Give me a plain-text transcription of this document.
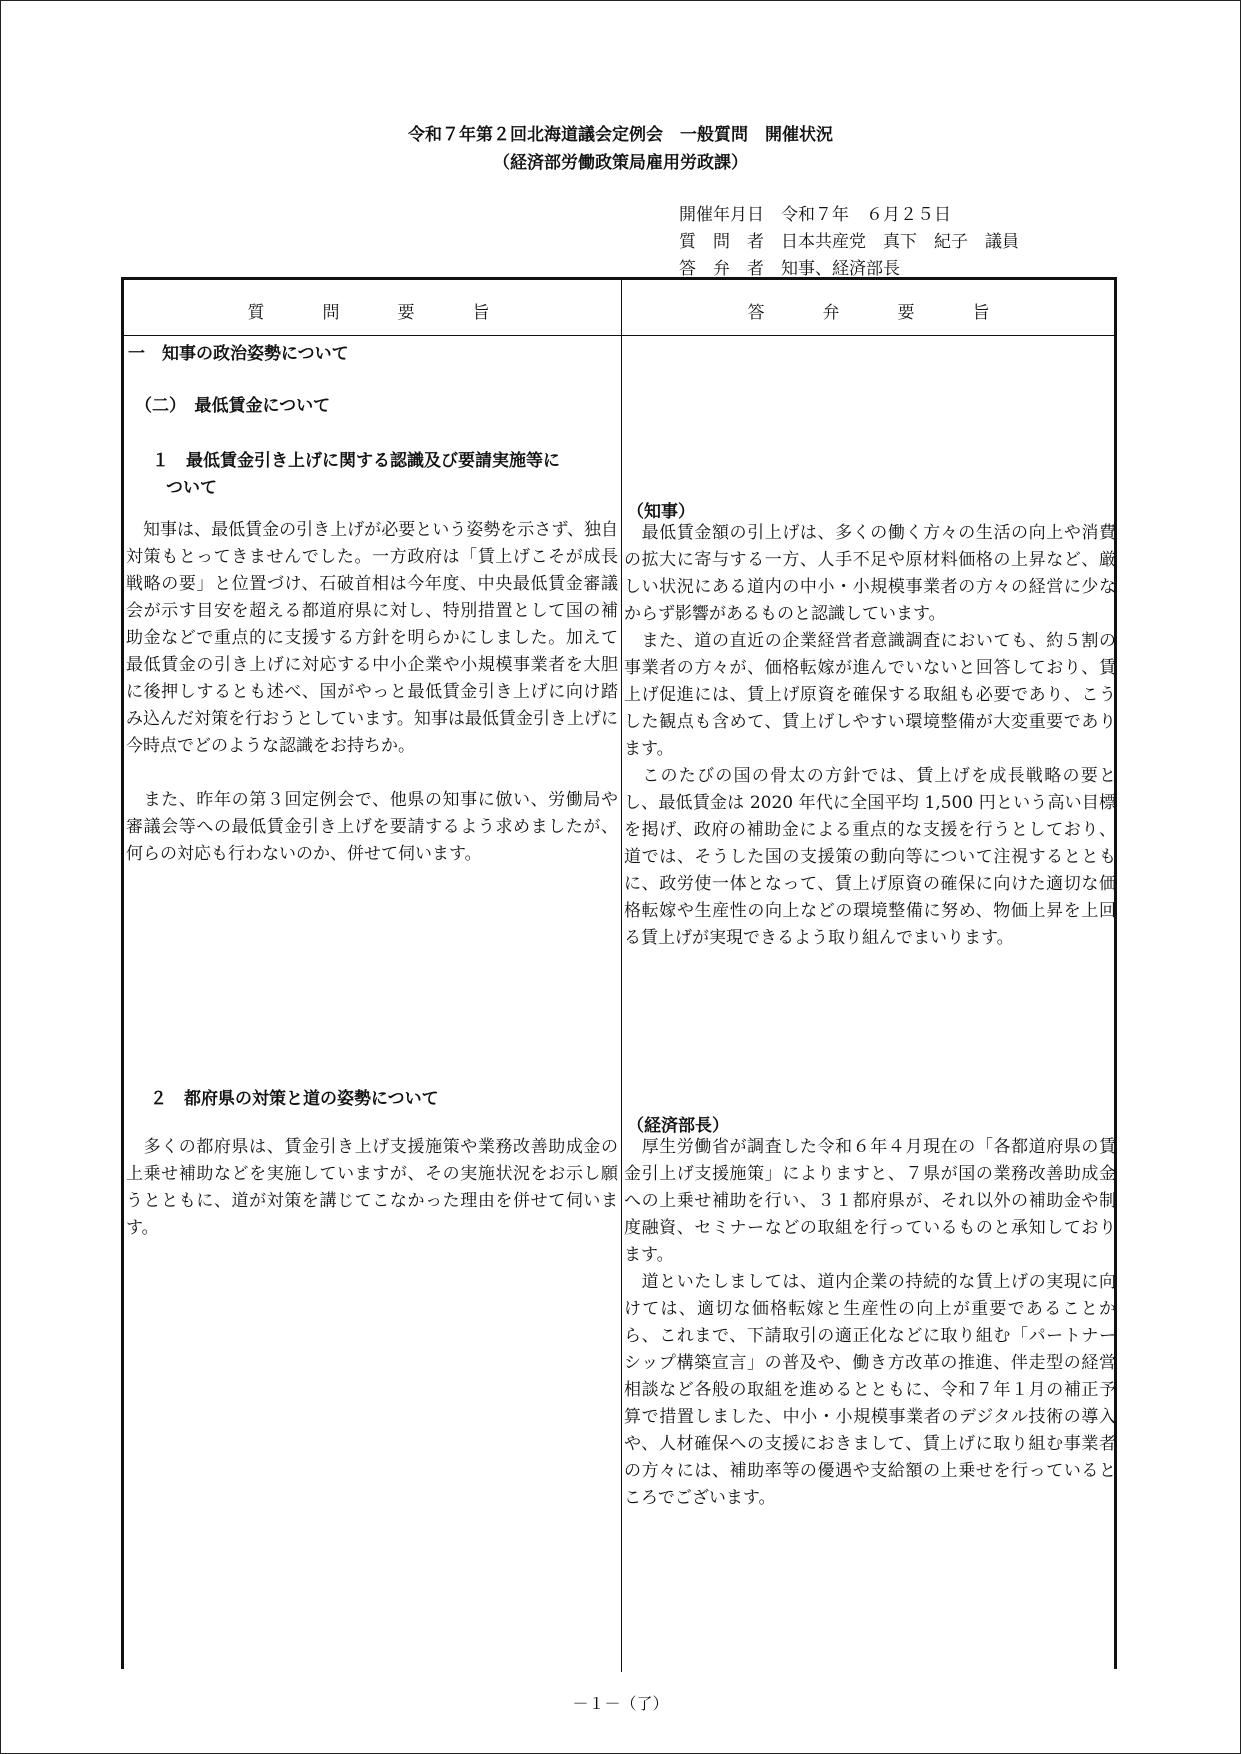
令和７年第２回北海道議会定例会　一般質問　開催状況
（経済部労働政策局雇用労政課）
開催年月日　令和７年　６月２５日
質　問　者　日本共産党　真下　紀子　議員
答　弁　者　知事、経済部長
質問要旨	答弁要旨
一　知事の政治姿勢について
（二）　最低賃金について
１　最低賃金引き上げに関する認識及び要請実施等に
ついて
　知事は、最低賃金の引き上げが必要という姿勢を示さず、独自対策もとってきませんでした。一方政府は「賃上げこそが成長戦略の要」と位置づけ、石破首相は今年度、中央最低賃金審議会が示す目安を超える都道府県に対し、特別措置として国の補助金などで重点的に支援する方針を明らかにしました。加えて最低賃金の引き上げに対応する中小企業や小規模事業者を大胆に後押しするとも述べ、国がやっと最低賃金引き上げに向け踏み込んだ対策を行おうとしています。知事は最低賃金引き上げに今時点でどのような認識をお持ちか。
　また、昨年の第３回定例会で、他県の知事に倣い、労働局や審議会等への最低賃金引き上げを要請するよう求めましたが、何らの対応も行わないのか、併せて伺います。
２　都府県の対策と道の姿勢について
　多くの都府県は、賃金引き上げ支援施策や業務改善助成金の上乗せ補助などを実施していますが、その実施状況をお示し願うとともに、道が対策を講じてこなかった理由を併せて伺います。
（知事）
　最低賃金額の引上げは、多くの働く方々の生活の向上や消費の拡大に寄与する一方、人手不足や原材料価格の上昇など、厳しい状況にある道内の中小・小規模事業者の方々の経営に少なからず影響があるものと認識しています。
　また、道の直近の企業経営者意識調査においても、約５割の事業者の方々が、価格転嫁が進んでいないと回答しており、賃上げ促進には、賃上げ原資を確保する取組も必要であり、こうした観点も含めて、賃上げしやすい環境整備が大変重要であります。
　このたびの国の骨太の方針では、賃上げを成長戦略の要とし、最低賃金は 2020 年代に全国平均 1,500 円という高い目標を掲げ、政府の補助金による重点的な支援を行うとしており、道では、そうした国の支援策の動向等について注視するとともに、政労使一体となって、賃上げ原資の確保に向けた適切な価格転嫁や生産性の向上などの環境整備に努め、物価上昇を上回る賃上げが実現できるよう取り組んでまいります。
（経済部長）
　厚生労働省が調査した令和６年４月現在の「各都道府県の賃金引上げ支援施策」によりますと、７県が国の業務改善助成金への上乗せ補助を行い、３１都府県が、それ以外の補助金や制度融資、セミナーなどの取組を行っているものと承知しております。
　道といたしましては、道内企業の持続的な賃上げの実現に向けては、適切な価格転嫁と生産性の向上が重要であることから、これまで、下請取引の適正化などに取り組む「パートナーシップ構築宣言」の普及や、働き方改革の推進、伴走型の経営相談など各般の取組を進めるとともに、令和７年１月の補正予算で措置しました、中小・小規模事業者のデジタル技術の導入や、人材確保への支援におきまして、賃上げに取り組む事業者の方々には、補助率等の優遇や支給額の上乗せを行っているところでございます。
－１－（了）
